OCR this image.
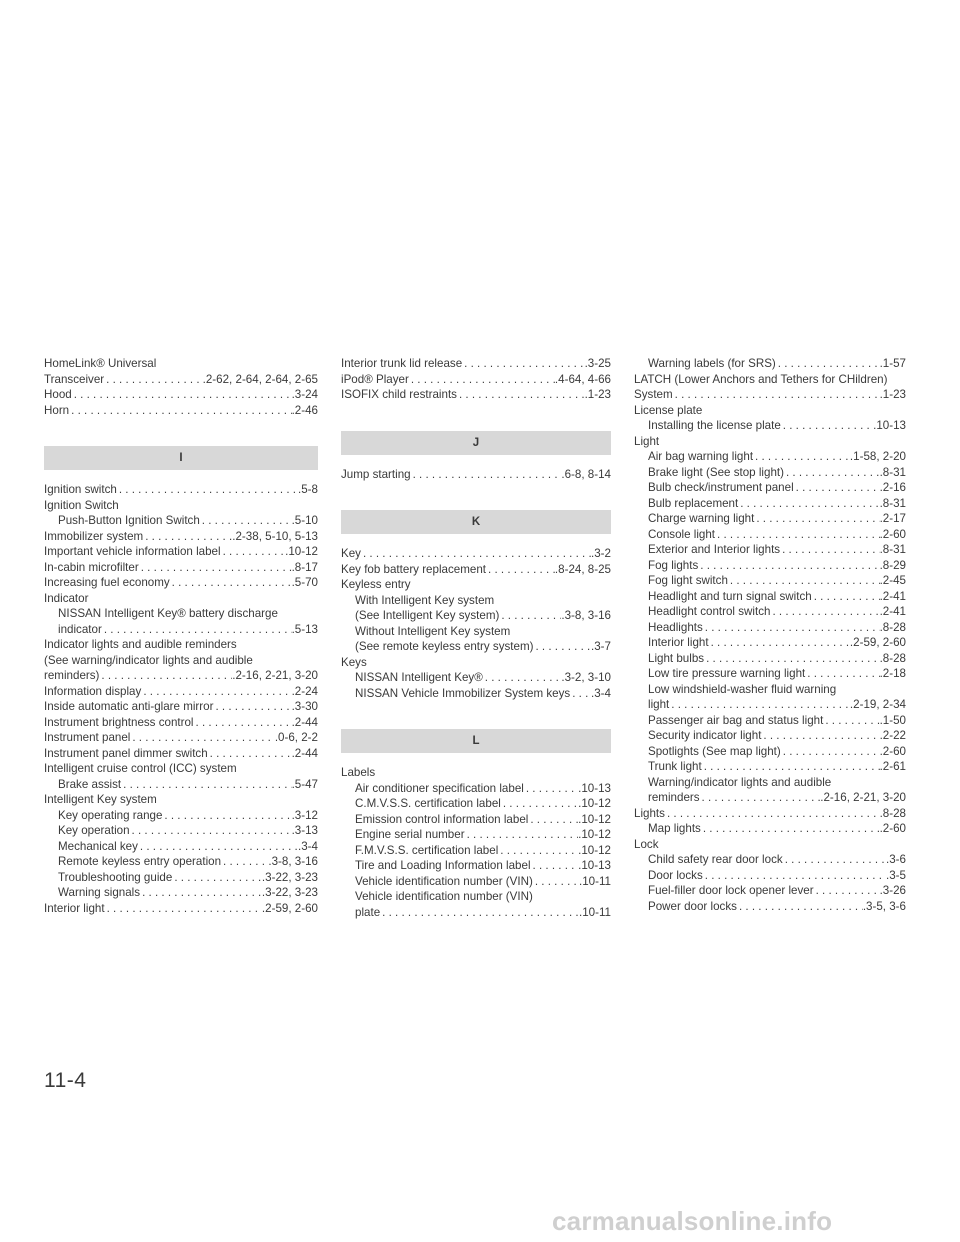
HomeLink® Universal
Transceiver . . .	.2-62, 2-64, 2-64, 2-65
Hood . . .	.3-24
Horn . . .	.2-46
I
Ignition switch . . .	.5-8
Ignition Switch
Push-Button Ignition Switch . . .	.5-10
Immobilizer system . . .	.2-38, 5-10, 5-13
Important vehicle information label . . .	.10-12
In-cabin microfilter . . .	.8-17
Increasing fuel economy . . .	.5-70
Indicator
NISSAN Intelligent Key® battery discharge
indicator . . .	.5-13
Indicator lights and audible reminders
(See warning/indicator lights and audible
reminders) . . .	.2-16, 2-21, 3-20
Information display . . .	.2-24
Inside automatic anti-glare mirror . . .	.3-30
Instrument brightness control . . .	.2-44
Instrument panel . . .	.0-6, 2-2
Instrument panel dimmer switch . . .	.2-44
Intelligent cruise control (ICC) system
Brake assist . . .	.5-47
Intelligent Key system
Key operating range . . .	.3-12
Key operation . . .	.3-13
Mechanical key . . .	.3-4
Remote keyless entry operation . . .	.3-8, 3-16
Troubleshooting guide . . .	.3-22, 3-23
Warning signals . . .	.3-22, 3-23
Interior light . . .	.2-59, 2-60
Interior trunk lid release . . .	.3-25
iPod® Player . . .	.4-64, 4-66
ISOFIX child restraints . . .	.1-23
J
Jump starting . . .	.6-8, 8-14
K
Key . . .	.3-2
Key fob battery replacement . . .	.8-24, 8-25
Keyless entry
With Intelligent Key system
(See Intelligent Key system) . . .	.3-8, 3-16
Without Intelligent Key system
(See remote keyless entry system) . . .	.3-7
Keys
NISSAN Intelligent Key® . . .	.3-2, 3-10
NISSAN Vehicle Immobilizer System keys . . . .3-4
L
Labels
Air conditioner specification label . . .	.10-13
C.M.V.S.S. certification label . . .	.10-12
Emission control information label . . .	.10-12
Engine serial number . . .	.10-12
F.M.V.S.S. certification label . . .	.10-12
Tire and Loading Information label . . .	.10-13
Vehicle identification number (VIN) . . .	.10-11
Vehicle identification number (VIN)
plate . . .	.10-11
Warning labels (for SRS) . . .	.1-57
LATCH (Lower Anchors and Tethers for CHildren)
System . . .	.1-23
License plate
Installing the license plate . . .	.10-13
Light
Air bag warning light . . .	.1-58, 2-20
Brake light (See stop light) . . .	.8-31
Bulb check/instrument panel . . .	.2-16
Bulb replacement . . .	.8-31
Charge warning light . . .	.2-17
Console light . . .	.2-60
Exterior and Interior lights . . .	.8-31
Fog lights . . .	.8-29
Fog light switch . . .	.2-45
Headlight and turn signal switch . . .	.2-41
Headlight control switch . . .	.2-41
Headlights . . .	.8-28
Interior light . . .	.2-59, 2-60
Light bulbs . . .	.8-28
Low tire pressure warning light . . .	.2-18
Low windshield-washer fluid warning
light . . .	.2-19, 2-34
Passenger air bag and status light . . .	.1-50
Security indicator light . . .	.2-22
Spotlights (See map light) . . .	.2-60
Trunk light . . .	.2-61
Warning/indicator lights and audible
reminders . . .	.2-16, 2-21, 3-20
Lights . . .	.8-28
Map lights . . .	.2-60
Lock
Child safety rear door lock . . .	.3-6
Door locks . . .	.3-5
Fuel-filler door lock opener lever . . .	.3-26
Power door locks . . .	.3-5, 3-6
11-4
carmanualsonline.info
